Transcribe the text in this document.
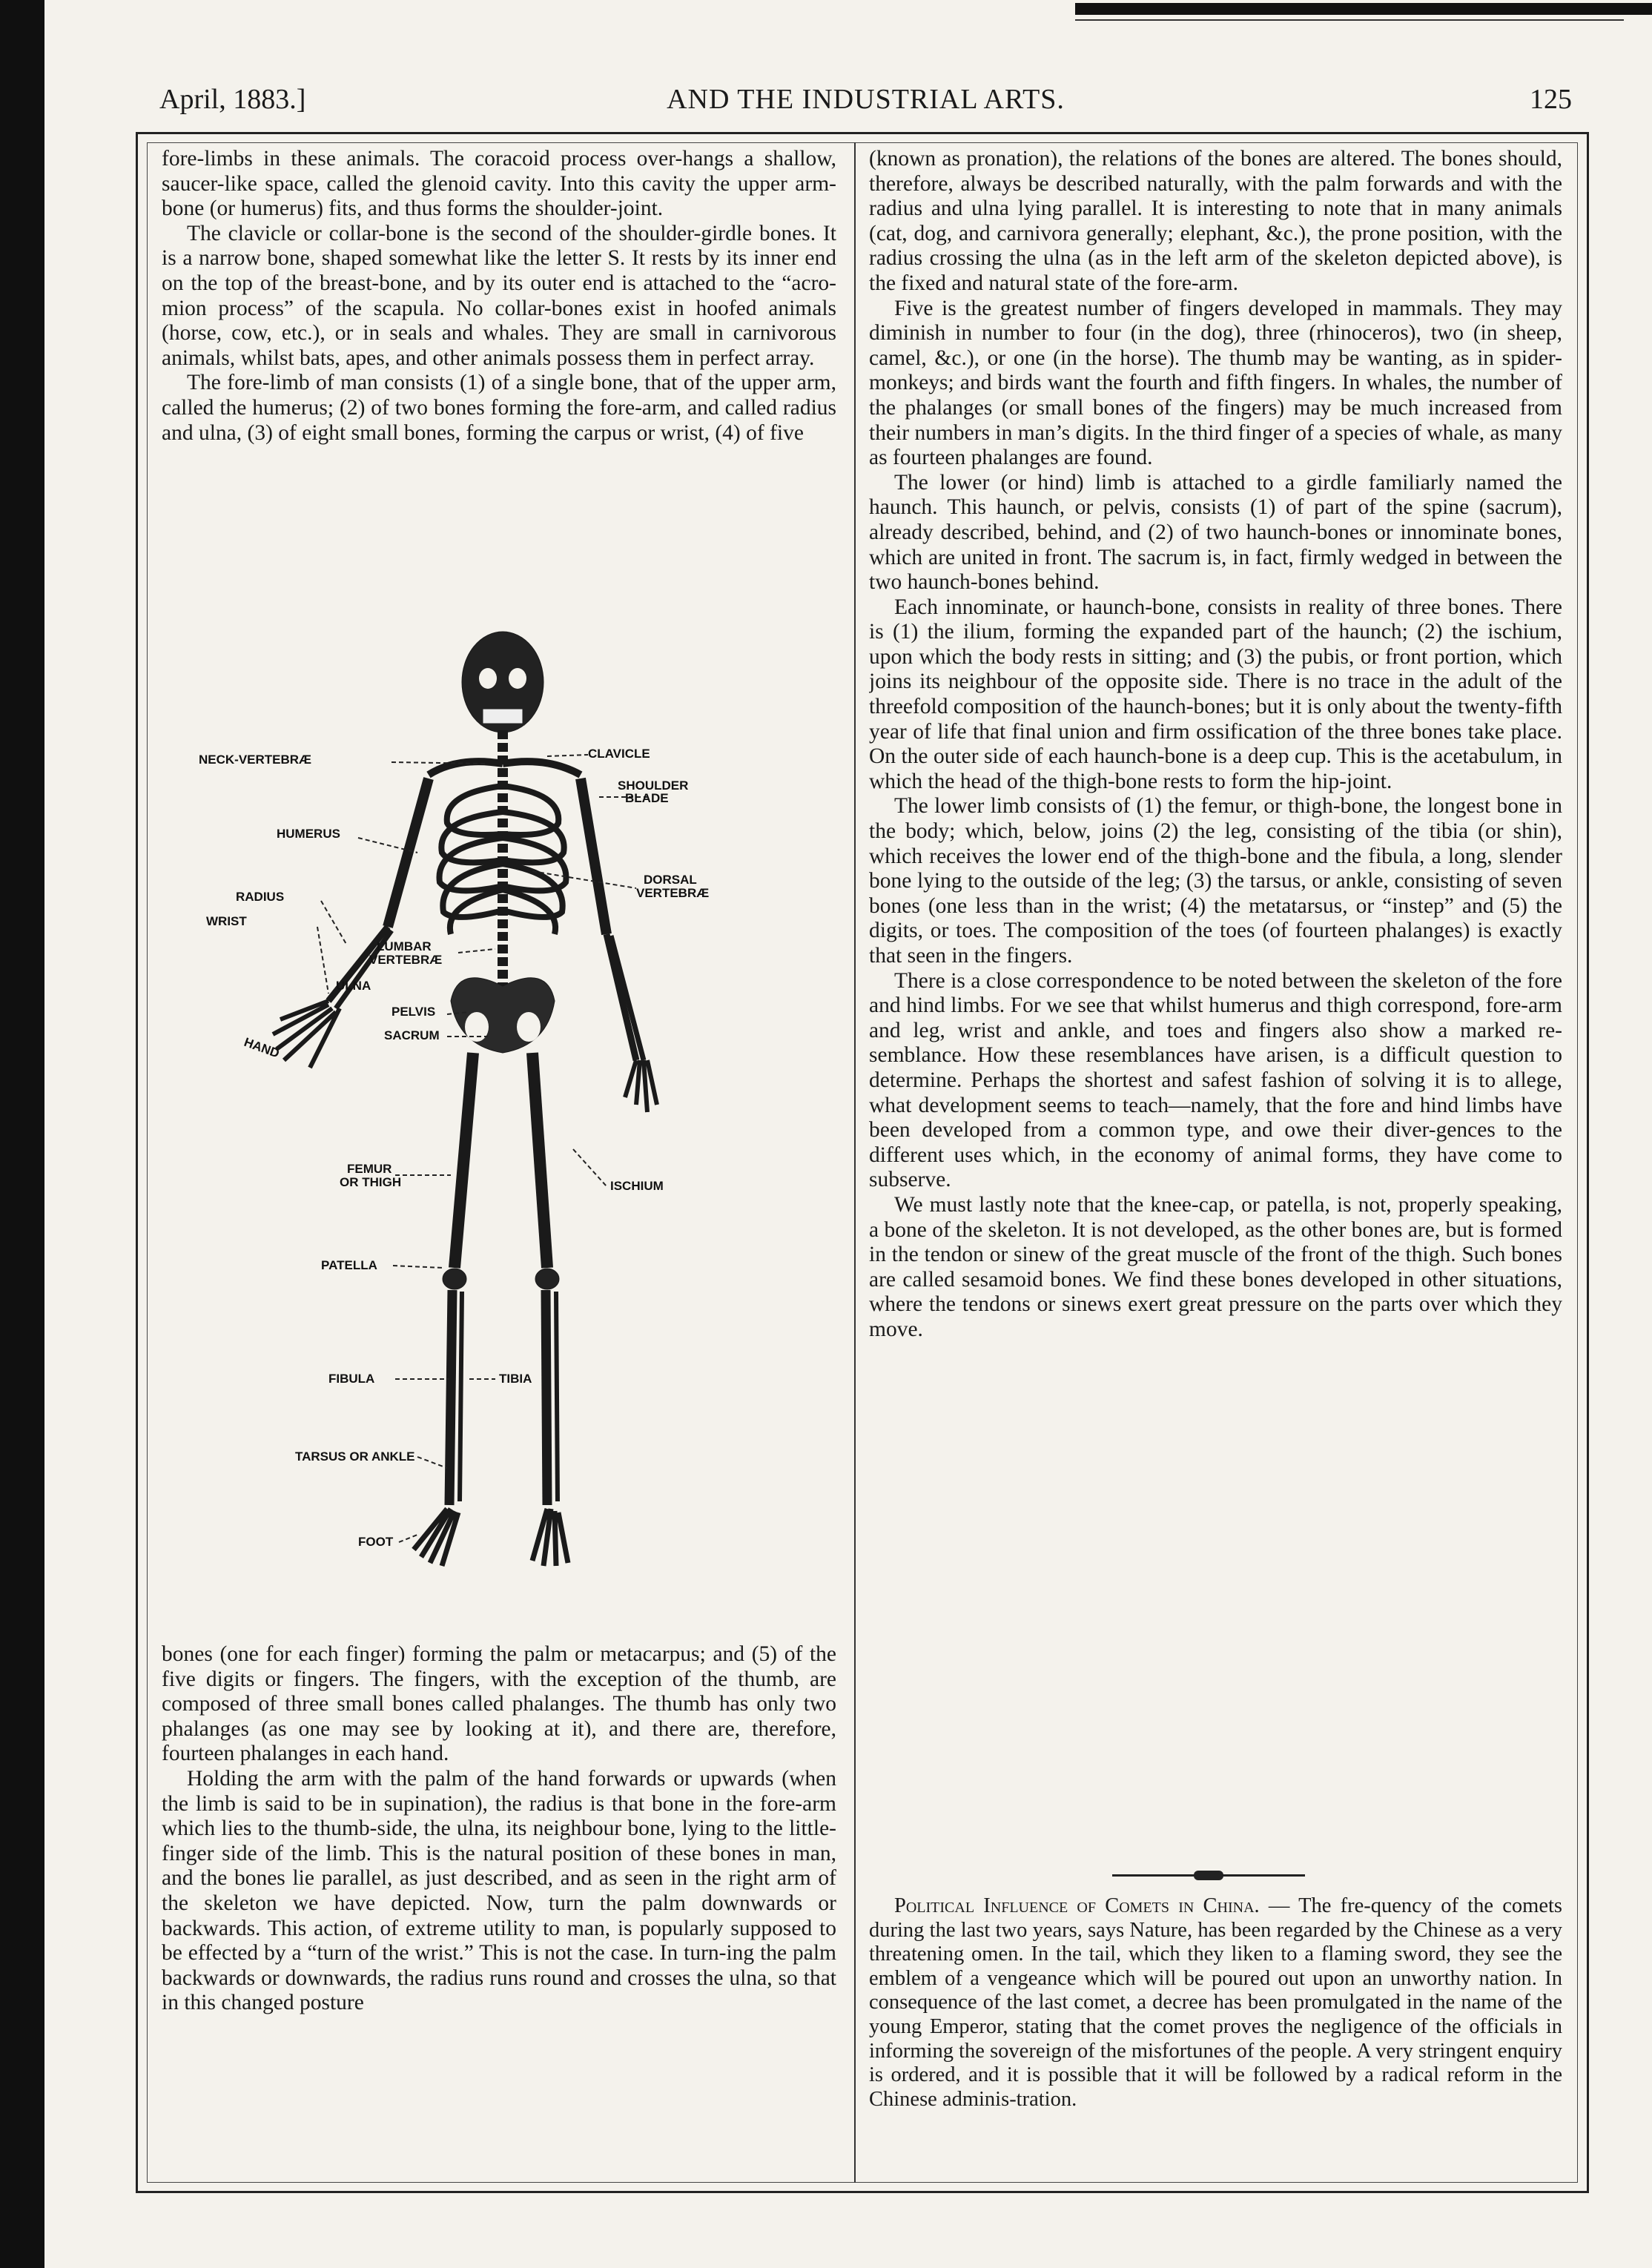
April, 1883.]	AND THE INDUSTRIAL ARTS.	125

fore-limbs in these animals. The coracoid process over-hangs a shallow, saucer-like space, called the glenoid cavity. Into this cavity the upper arm-bone (or humerus) fits, and thus forms the shoulder-joint.

The clavicle or collar-bone is the second of the shoulder-girdle bones. It is a narrow bone, shaped somewhat like the letter S. It rests by its inner end on the top of the breast-bone, and by its outer end is attached to the “acro-mion process” of the scapula. No collar-bones exist in hoofed animals (horse, cow, etc.), or in seals and whales. They are small in carnivorous animals, whilst bats, apes, and other animals possess them in perfect array.

The fore-limb of man consists (1) of a single bone, that of the upper arm, called the humerus; (2) of two bones forming the fore-arm, and called radius and ulna, (3) of eight small bones, forming the carpus or wrist, (4) of five

NECK-VERTEBRÆ	CLAVICLE
SHOULDER
BLADE
HUMERUS
DORSAL
VERTEBRÆ
RADIUS
WRIST
LUMBAR
VERTEBRÆ
ULNA
HAND
PELVIS
SACRUM
FEMUR
OR THIGH	ISCHIUM
PATELLA
FIBULA	TIBIA
TARSUS OR ANKLE
FOOT

bones (one for each finger) forming the palm or metacarpus; and (5) of the five digits or fingers. The fingers, with the exception of the thumb, are composed of three small bones called phalanges. The thumb has only two phalanges (as one may see by looking at it), and there are, therefore, fourteen phalanges in each hand.

Holding the arm with the palm of the hand forwards or upwards (when the limb is said to be in supination), the radius is that bone in the fore-arm which lies to the thumb-side, the ulna, its neighbour bone, lying to the little-finger side of the limb. This is the natural position of these bones in man, and the bones lie parallel, as just described, and as seen in the right arm of the skeleton we have depicted. Now, turn the palm downwards or backwards. This action, of extreme utility to man, is popularly supposed to be effected by a “turn of the wrist.” This is not the case. In turn-ing the palm backwards or downwards, the radius runs round and crosses the ulna, so that in this changed posture

(known as pronation), the relations of the bones are altered. The bones should, therefore, always be described naturally, with the palm forwards and with the radius and ulna lying parallel. It is interesting to note that in many animals (cat, dog, and carnivora generally; elephant, &c.), the prone position, with the radius crossing the ulna (as in the left arm of the skeleton depicted above), is the fixed and natural state of the fore-arm.

Five is the greatest number of fingers developed in mammals. They may diminish in number to four (in the dog), three (rhinoceros), two (in sheep, camel, &c.), or one (in the horse). The thumb may be wanting, as in spider-monkeys; and birds want the fourth and fifth fingers. In whales, the number of the phalanges (or small bones of the fingers) may be much increased from their numbers in man’s digits. In the third finger of a species of whale, as many as fourteen phalanges are found.

The lower (or hind) limb is attached to a girdle familiarly named the haunch. This haunch, or pelvis, consists (1) of part of the spine (sacrum), already described, behind, and (2) of two haunch-bones or innominate bones, which are united in front. The sacrum is, in fact, firmly wedged in between the two haunch-bones behind.

Each innominate, or haunch-bone, consists in reality of three bones. There is (1) the ilium, forming the expanded part of the haunch; (2) the ischium, upon which the body rests in sitting; and (3) the pubis, or front portion, which joins its neighbour of the opposite side. There is no trace in the adult of the threefold composition of the haunch-bones; but it is only about the twenty-fifth year of life that final union and firm ossification of the three bones take place. On the outer side of each haunch-bone is a deep cup. This is the acetabulum, in which the head of the thigh-bone rests to form the hip-joint.

The lower limb consists of (1) the femur, or thigh-bone, the longest bone in the body; which, below, joins (2) the leg, consisting of the tibia (or shin), which receives the lower end of the thigh-bone and the fibula, a long, slender bone lying to the outside of the leg; (3) the tarsus, or ankle, consisting of seven bones (one less than in the wrist; (4) the metatarsus, or “instep” and (5) the digits, or toes. The composition of the toes (of fourteen phalanges) is exactly that seen in the fingers.

There is a close correspondence to be noted between the skeleton of the fore and hind limbs. For we see that whilst humerus and thigh correspond, fore-arm and leg, wrist and ankle, and toes and fingers also show a marked re-semblance. How these resemblances have arisen, is a difficult question to determine. Perhaps the shortest and safest fashion of solving it is to allege, what development seems to teach—namely, that the fore and hind limbs have been developed from a common type, and owe their diver-gences to the different uses which, in the economy of animal forms, they have come to subserve.

We must lastly note that the knee-cap, or patella, is not, properly speaking, a bone of the skeleton. It is not developed, as the other bones are, but is formed in the tendon or sinew of the great muscle of the front of the thigh. Such bones are called sesamoid bones. We find these bones developed in other situations, where the tendons or sinews exert great pressure on the parts over which they move.

Political Influence of Comets in China. — The fre-quency of the comets during the last two years, says Nature, has been regarded by the Chinese as a very threatening omen. In the tail, which they liken to a flaming sword, they see the emblem of a vengeance which will be poured out upon an unworthy nation. In consequence of the last comet, a decree has been promulgated in the name of the young Emperor, stating that the comet proves the negligence of the officials in informing the sovereign of the misfortunes of the people. A very stringent enquiry is ordered, and it is possible that it will be followed by a radical reform in the Chinese adminis-tration.
